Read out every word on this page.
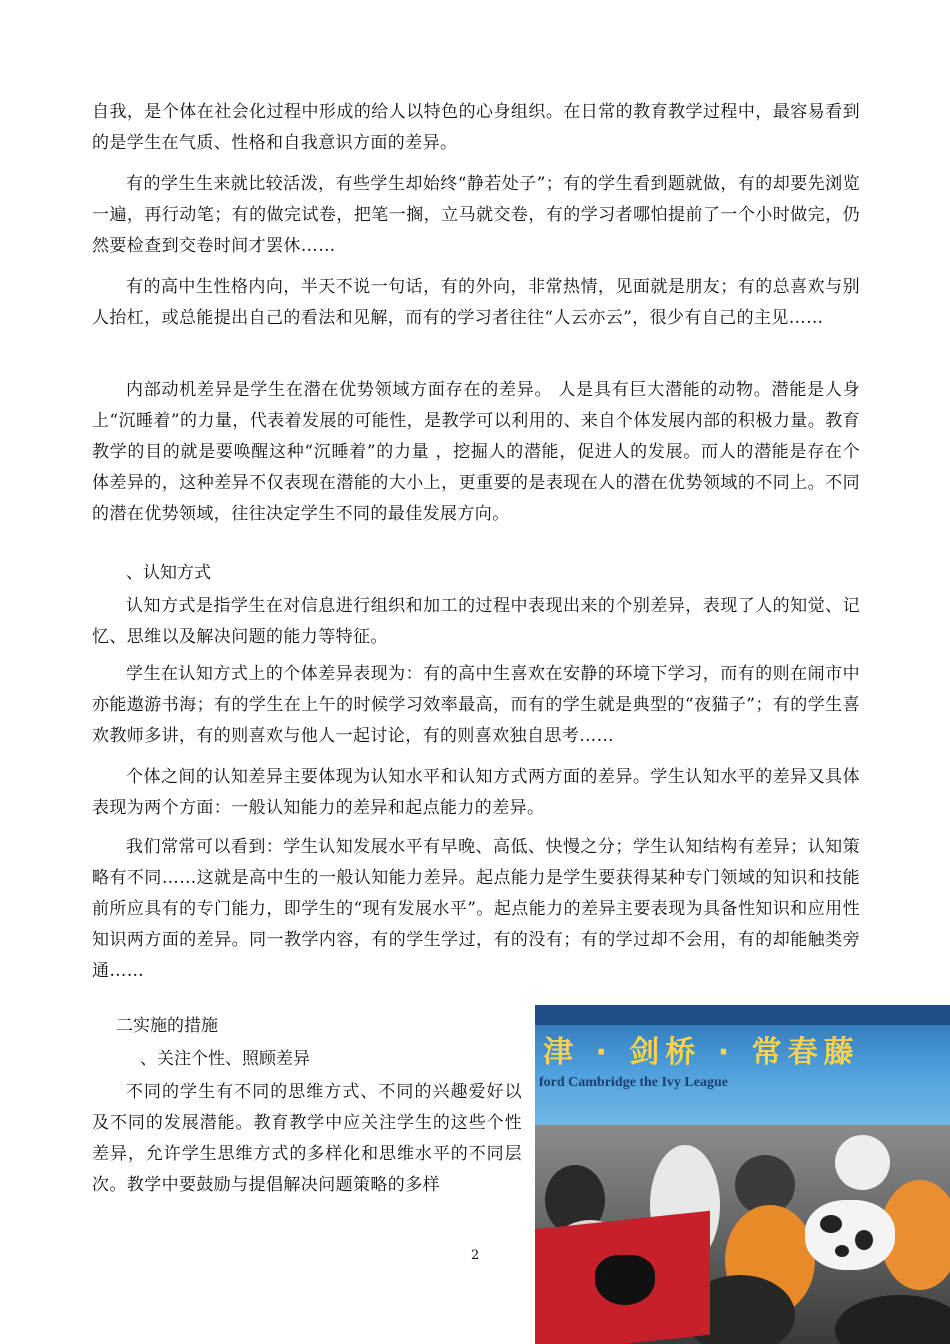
自我，是个体在社会化过程中形成的给人以特色的心身组织。在日常的教育教学过程中，最容易看到的是学生在气质、性格和自我意识方面的差异。

有的学生生来就比较活泼，有些学生却始终“静若处子”；有的学生看到题就做，有的却要先浏览一遍，再行动笔；有的做完试卷，把笔一搁，立马就交卷，有的学习者哪怕提前了一个小时做完，仍然要检查到交卷时间才罢休……

有的高中生性格内向，半天不说一句话，有的外向，非常热情，见面就是朋友；有的总喜欢与别人抬杠，或总能提出自己的看法和见解，而有的学习者往往“人云亦云”，很少有自己的主见……

内部动机差异是学生在潜在优势领域方面存在的差异。 人是具有巨大潜能的动物。潜能是人身上“沉睡着”的力量，代表着发展的可能性，是教学可以利用的、来自个体发展内部的积极力量。教育教学的目的就是要唤醒这种“沉睡着”的力量 ，挖掘人的潜能，促进人的发展。而人的潜能是存在个体差异的，这种差异不仅表现在潜能的大小上，更重要的是表现在人的潜在优势领域的不同上。不同的潜在优势领域，往往决定学生不同的最佳发展方向。

、认知方式

认知方式是指学生在对信息进行组织和加工的过程中表现出来的个别差异，表现了人的知觉、记忆、思维以及解决问题的能力等特征。

学生在认知方式上的个体差异表现为：有的高中生喜欢在安静的环境下学习，而有的则在闹市中亦能遨游书海；有的学生在上午的时候学习效率最高，而有的学生就是典型的“夜猫子”；有的学生喜欢教师多讲，有的则喜欢与他人一起讨论，有的则喜欢独自思考……

个体之间的认知差异主要体现为认知水平和认知方式两方面的差异。学生认知水平的差异又具体表现为两个方面：一般认知能力的差异和起点能力的差异。

我们常常可以看到：学生认知发展水平有早晚、高低、快慢之分；学生认知结构有差异；认知策略有不同……这就是高中生的一般认知能力差异。起点能力是学生要获得某种专门领域的知识和技能前所应具有的专门能力，即学生的“现有发展水平”。起点能力的差异主要表现为具备性知识和应用性知识两方面的差异。同一教学内容，有的学生学过，有的没有；有的学过却不会用，有的却能触类旁通……

二实施的措施

、关注个性、照顾差异

不同的学生有不同的思维方式、不同的兴趣爱好以及不同的发展潜能。教育教学中应关注学生的这些个性差异，允许学生思维方式的多样化和思维水平的不同层次。教学中要鼓励与提倡解决问题策略的多样

2
津 · 剑桥 · 常春藤
ford Cambridge the Ivy League
